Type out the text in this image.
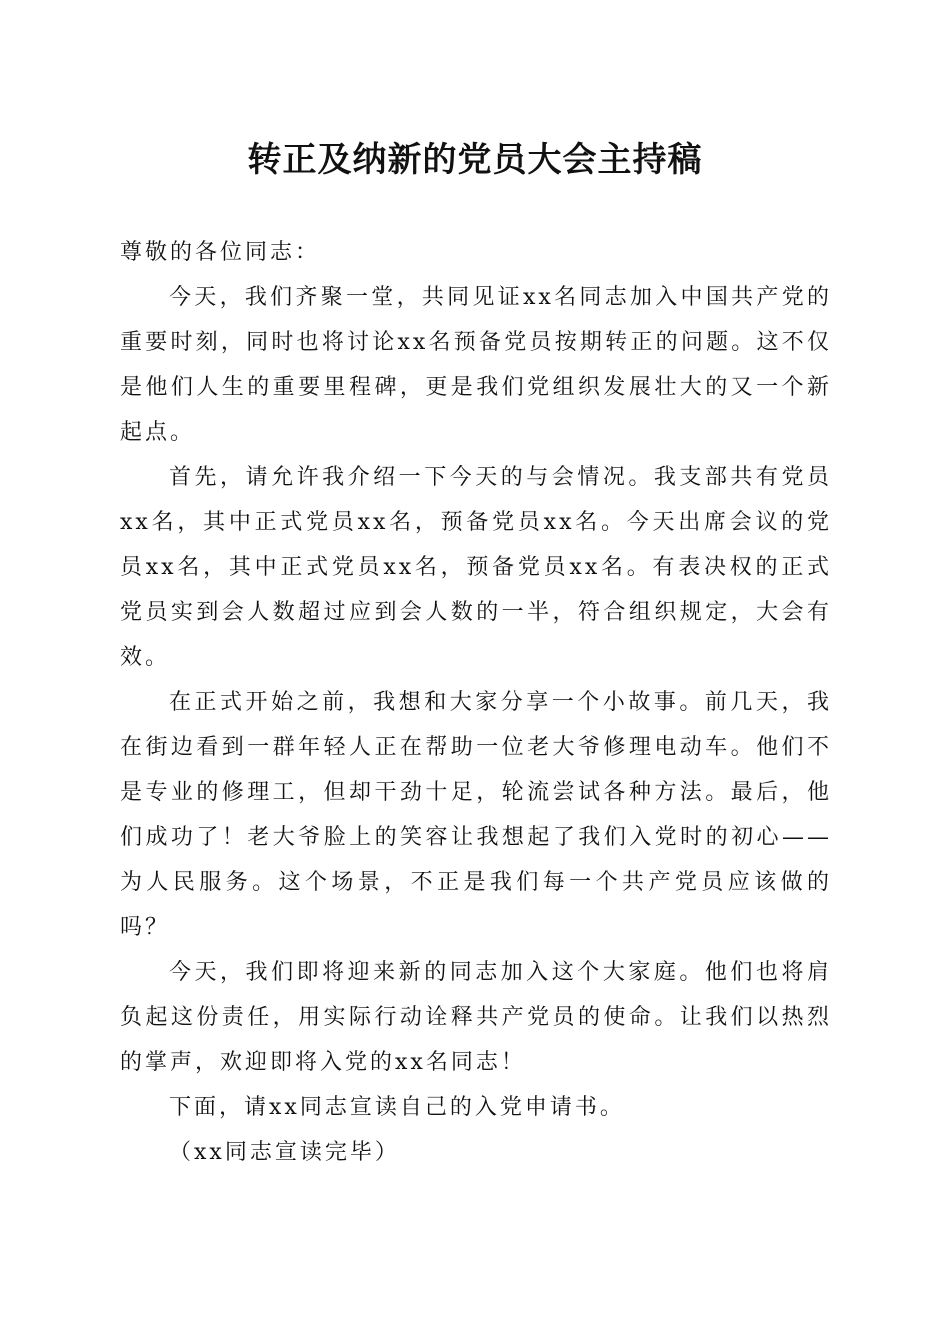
转正及纳新的党员大会主持稿

尊敬的各位同志：

今天，我们齐聚一堂，共同见证xx名同志加入中国共产党的重要时刻，同时也将讨论xx名预备党员按期转正的问题。这不仅是他们人生的重要里程碑，更是我们党组织发展壮大的又一个新起点。

首先，请允许我介绍一下今天的与会情况。我支部共有党员xx名，其中正式党员xx名，预备党员xx名。今天出席会议的党员xx名，其中正式党员xx名，预备党员xx名。有表决权的正式党员实到会人数超过应到会人数的一半，符合组织规定，大会有效。

在正式开始之前，我想和大家分享一个小故事。前几天，我在街边看到一群年轻人正在帮助一位老大爷修理电动车。他们不是专业的修理工，但却干劲十足，轮流尝试各种方法。最后，他们成功了！老大爷脸上的笑容让我想起了我们入党时的初心——为人民服务。这个场景，不正是我们每一个共产党员应该做的吗？

今天，我们即将迎来新的同志加入这个大家庭。他们也将肩负起这份责任，用实际行动诠释共产党员的使命。让我们以热烈的掌声，欢迎即将入党的xx名同志！

下面，请xx同志宣读自己的入党申请书。

（xx同志宣读完毕）
